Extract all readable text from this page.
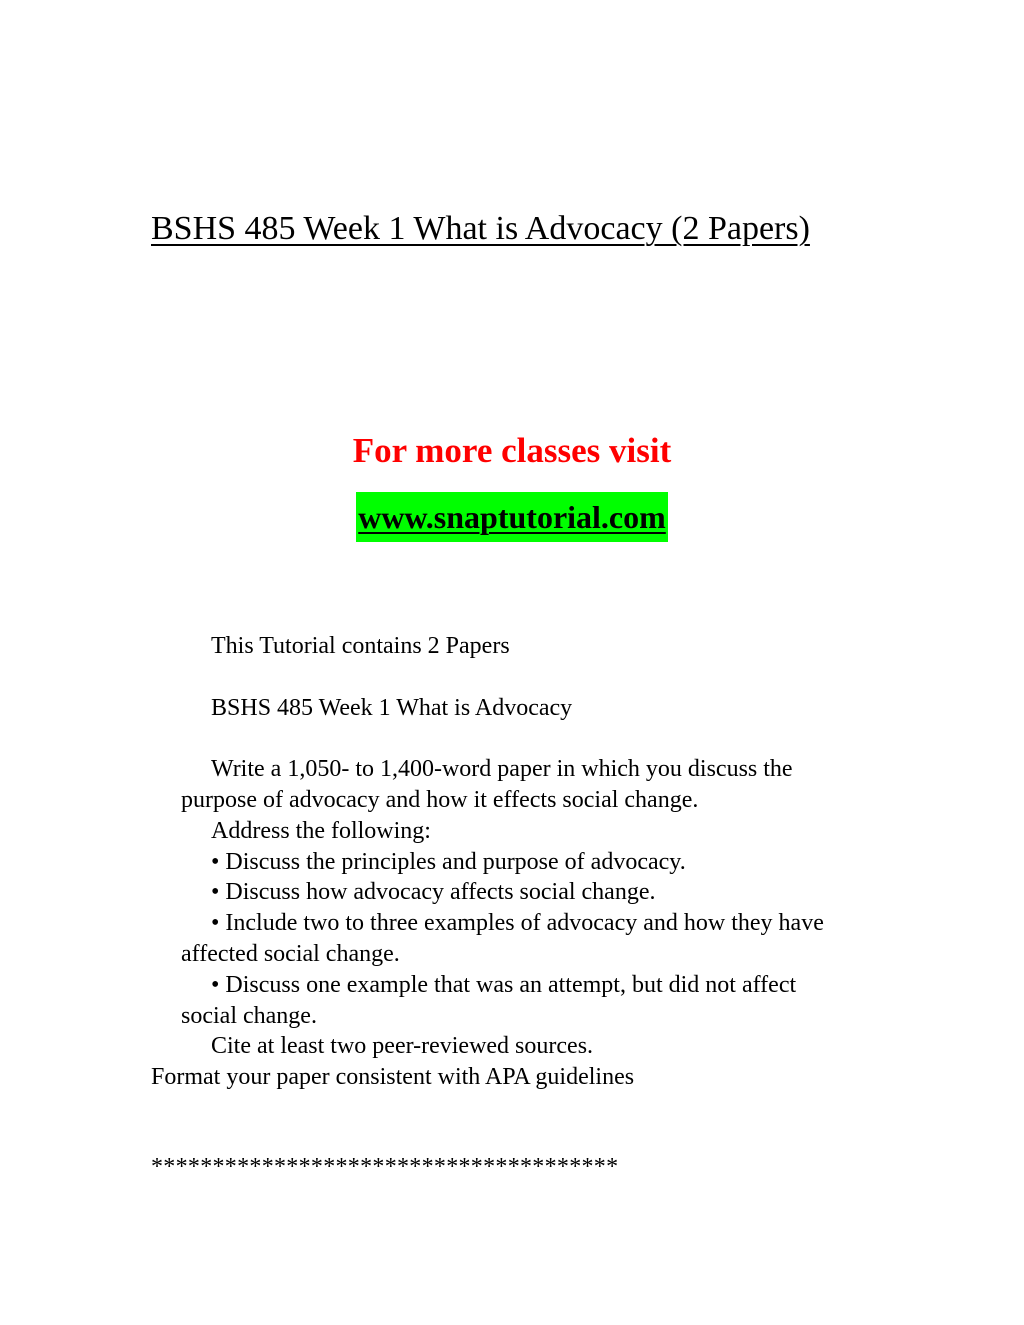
BSHS 485 Week 1 What is Advocacy (2 Papers)
For more classes visit
www.snaptutorial.com
This Tutorial contains 2 Papers
BSHS 485 Week 1 What is Advocacy
Write a 1,050- to 1,400-word paper in which you discuss the
purpose of advocacy and how it effects social change.
Address the following:
• Discuss the principles and purpose of advocacy.
• Discuss how advocacy affects social change.
• Include two to three examples of advocacy and how they have
affected social change.
• Discuss one example that was an attempt, but did not affect
social change.
Cite at least two peer-reviewed sources.
Format your paper consistent with APA guidelines
**************************************
